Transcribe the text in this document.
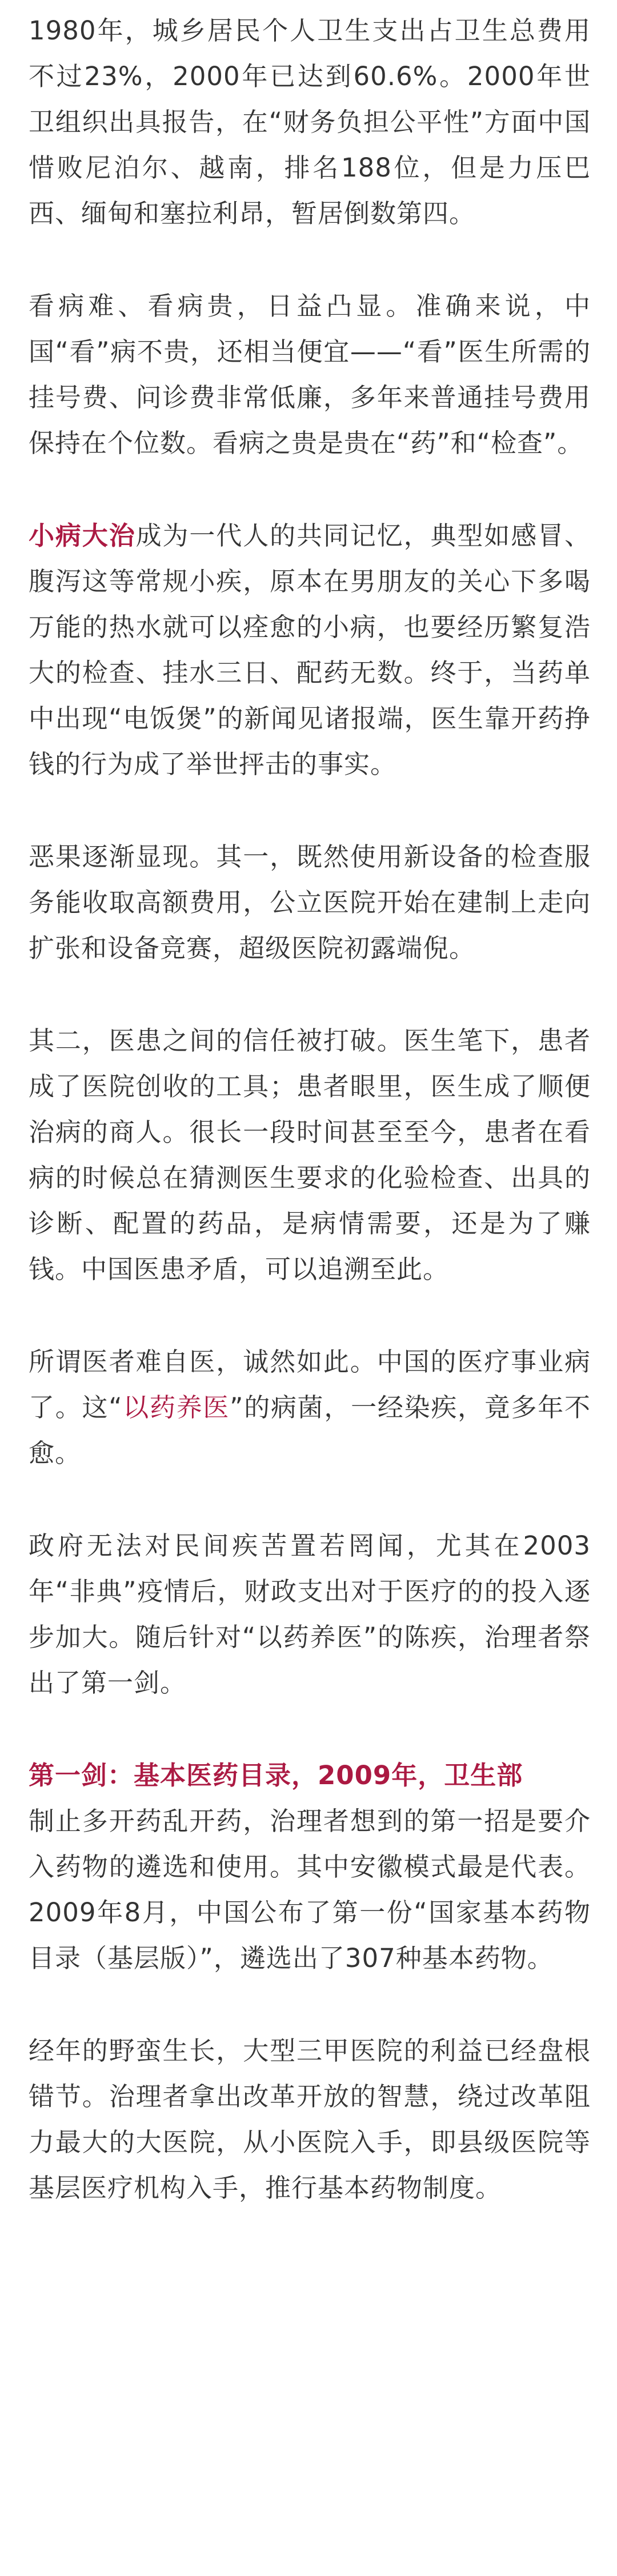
1980年，城乡居民个人卫生支出占卫生总费用不过23%，2000年已达到60.6%。2000年世卫组织出具报告，在“财务负担公平性”方面中国惜败尼泊尔、越南，排名188位，但是力压巴西、缅甸和塞拉利昂，暂居倒数第四。

看病难、看病贵，日益凸显。准确来说，中国“看”病不贵，还相当便宜——“看”医生所需的挂号费、问诊费非常低廉，多年来普通挂号费用保持在个位数。看病之贵是贵在“药”和“检查”。

小病大治成为一代人的共同记忆，典型如感冒、腹泻这等常规小疾，原本在男朋友的关心下多喝万能的热水就可以痊愈的小病，也要经历繁复浩大的检查、挂水三日、配药无数。终于，当药单中出现“电饭煲”的新闻见诸报端，医生靠开药挣钱的行为成了举世抨击的事实。

恶果逐渐显现。其一，既然使用新设备的检查服务能收取高额费用，公立医院开始在建制上走向扩张和设备竞赛，超级医院初露端倪。

其二，医患之间的信任被打破。医生笔下，患者成了医院创收的工具；患者眼里，医生成了顺便治病的商人。很长一段时间甚至至今，患者在看病的时候总在猜测医生要求的化验检查、出具的诊断、配置的药品，是病情需要，还是为了赚钱。中国医患矛盾，可以追溯至此。

所谓医者难自医，诚然如此。中国的医疗事业病了。这“以药养医”的病菌，一经染疾，竟多年不愈。

政府无法对民间疾苦置若罔闻，尤其在2003年“非典”疫情后，财政支出对于医疗的的投入逐步加大。随后针对“以药养医”的陈疾，治理者祭出了第一剑。

第一剑：基本医药目录，2009年，卫生部
制止多开药乱开药，治理者想到的第一招是要介入药物的遴选和使用。其中安徽模式最是代表。2009年8月，中国公布了第一份“国家基本药物目录（基层版）”，遴选出了307种基本药物。

经年的野蛮生长，大型三甲医院的利益已经盘根错节。治理者拿出改革开放的智慧，绕过改革阻力最大的大医院，从小医院入手，即县级医院等基层医疗机构入手，推行基本药物制度。
